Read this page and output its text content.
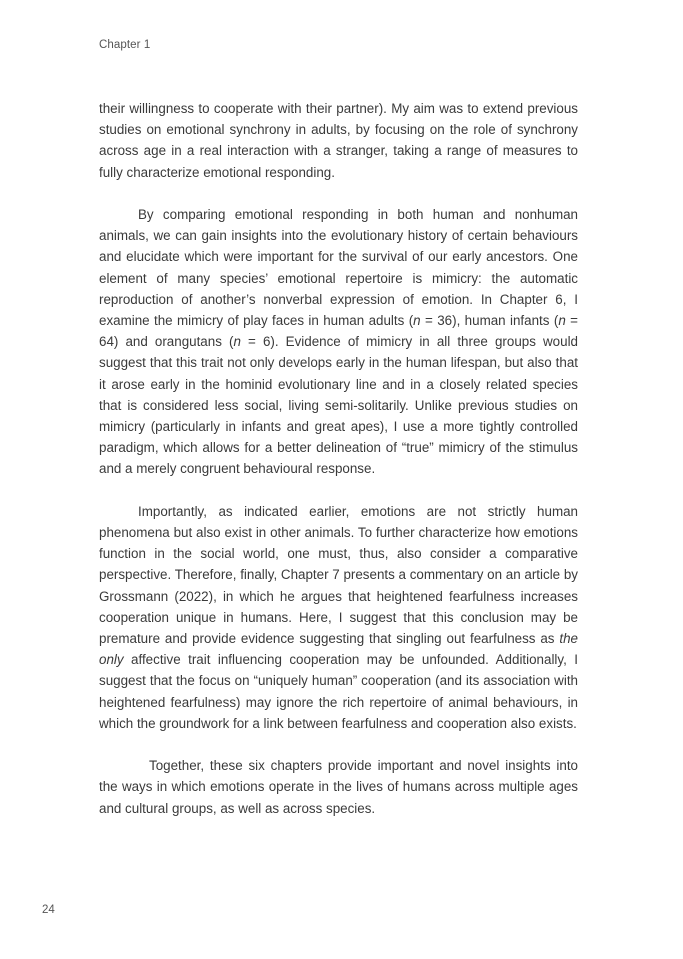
Chapter 1

their willingness to cooperate with their partner). My aim was to extend previous studies on emotional synchrony in adults, by focusing on the role of synchrony across age in a real interaction with a stranger, taking a range of measures to fully characterize emotional responding.

By comparing emotional responding in both human and nonhuman animals, we can gain insights into the evolutionary history of certain behaviours and elucidate which were important for the survival of our early ancestors. One element of many species’ emotional repertoire is mimicry: the automatic reproduction of another’s nonverbal expression of emotion. In Chapter 6, I examine the mimicry of play faces in human adults (n = 36), human infants (n = 64) and orangutans (n = 6). Evidence of mimicry in all three groups would suggest that this trait not only develops early in the human lifespan, but also that it arose early in the hominid evolutionary line and in a closely related species that is considered less social, living semi-solitarily. Unlike previous studies on mimicry (particularly in infants and great apes), I use a more tightly controlled paradigm, which allows for a better delineation of “true” mimicry of the stimulus and a merely congruent behavioural response.

Importantly, as indicated earlier, emotions are not strictly human phenomena but also exist in other animals. To further characterize how emotions function in the social world, one must, thus, also consider a comparative perspective. Therefore, finally, Chapter 7 presents a commentary on an article by Grossmann (2022), in which he argues that heightened fearfulness increases cooperation unique in humans. Here, I suggest that this conclusion may be premature and provide evidence suggesting that singling out fearfulness as the only affective trait influencing cooperation may be unfounded. Additionally, I suggest that the focus on “uniquely human” cooperation (and its association with heightened fearfulness) may ignore the rich repertoire of animal behaviours, in which the groundwork for a link between fearfulness and cooperation also exists.

Together, these six chapters provide important and novel insights into the ways in which emotions operate in the lives of humans across multiple ages and cultural groups, as well as across species.

24
